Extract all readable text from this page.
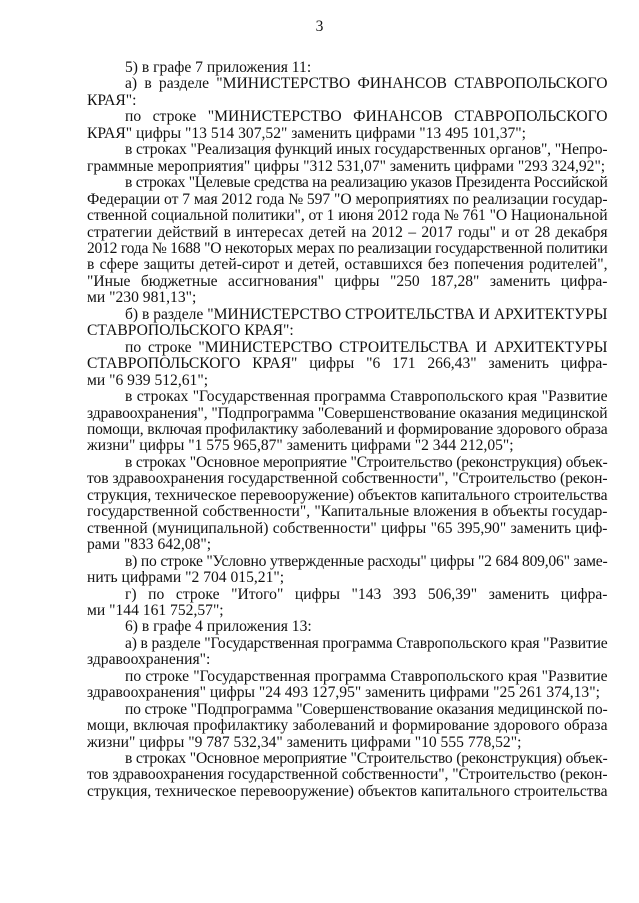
3
5) в графе 7 приложения 11:
а) в разделе "МИНИСТЕРСТВО ФИНАНСОВ СТАВРОПОЛЬСКОГО
КРАЯ":
по строке "МИНИСТЕРСТВО ФИНАНСОВ СТАВРОПОЛЬСКОГО
КРАЯ" цифры "13 514 307,52" заменить цифрами "13 495 101,37";
в строках "Реализация функций иных государственных органов", "Непро-
граммные мероприятия" цифры "312 531,07" заменить цифрами "293 324,92";
в строках "Целевые средства на реализацию указов Президента Российской
Федерации от 7 мая 2012 года № 597 "О мероприятиях по реализации государ-
ственной социальной политики", от 1 июня 2012 года № 761 "О Национальной
стратегии действий в интересах детей на 2012 – 2017 годы" и от 28 декабря
2012 года № 1688 "О некоторых мерах по реализации государственной политики
в сфере защиты детей-сирот и детей, оставшихся без попечения родителей",
"Иные бюджетные ассигнования" цифры "250 187,28" заменить цифра-
ми "230 981,13";
б) в разделе "МИНИСТЕРСТВО СТРОИТЕЛЬСТВА И АРХИТЕКТУРЫ
СТАВРОПОЛЬСКОГО КРАЯ":
по строке "МИНИСТЕРСТВО СТРОИТЕЛЬСТВА И АРХИТЕКТУРЫ
СТАВРОПОЛЬСКОГО КРАЯ" цифры "6 171 266,43" заменить цифра-
ми "6 939 512,61";
в строках "Государственная программа Ставропольского края "Развитие
здравоохранения", "Подпрограмма "Совершенствование оказания медицинской
помощи, включая профилактику заболеваний и формирование здорового образа
жизни" цифры "1 575 965,87" заменить цифрами "2 344 212,05";
в строках "Основное мероприятие "Строительство (реконструкция) объек-
тов здравоохранения государственной собственности", "Строительство (рекон-
струкция, техническое перевооружение) объектов капитального строительства
государственной собственности", "Капитальные вложения в объекты государ-
ственной (муниципальной) собственности" цифры "65 395,90" заменить циф-
рами "833 642,08";
в) по строке "Условно утвержденные расходы" цифры "2 684 809,06" заме-
нить цифрами "2 704 015,21";
г) по строке "Итого" цифры "143 393 506,39" заменить цифра-
ми "144 161 752,57";
6) в графе 4 приложения 13:
а) в разделе "Государственная программа Ставропольского края "Развитие
здравоохранения":
по строке "Государственная программа Ставропольского края "Развитие
здравоохранения" цифры "24 493 127,95" заменить цифрами "25 261 374,13";
по строке "Подпрограмма "Совершенствование оказания медицинской по-
мощи, включая профилактику заболеваний и формирование здорового образа
жизни" цифры "9 787 532,34" заменить цифрами "10 555 778,52";
в строках "Основное мероприятие "Строительство (реконструкция) объек-
тов здравоохранения государственной собственности", "Строительство (рекон-
струкция, техническое перевооружение) объектов капитального строительства
